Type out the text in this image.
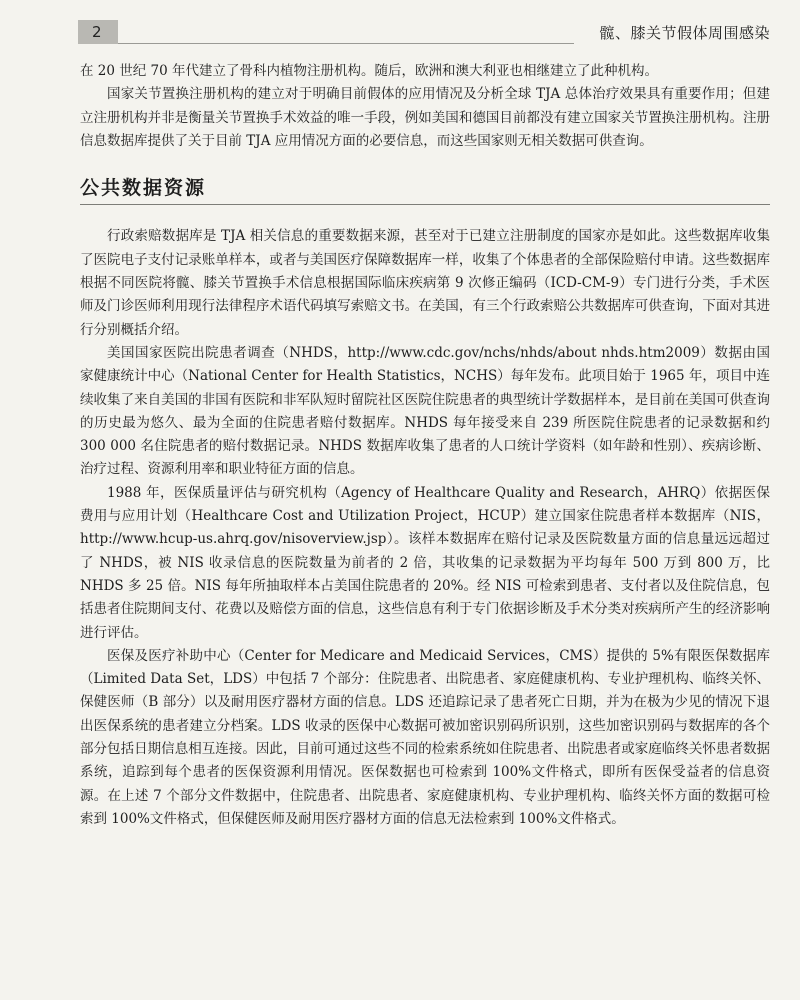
2	髋、膝关节假体周围感染

在 20 世纪 70 年代建立了骨科内植物注册机构。随后，欧洲和澳大利亚也相继建立了此种机构。

国家关节置换注册机构的建立对于明确目前假体的应用情况及分析全球 TJA 总体治疗效果具有重要作用；但建立注册机构并非是衡量关节置换手术效益的唯一手段，例如美国和德国目前都没有建立国家关节置换注册机构。注册信息数据库提供了关于目前 TJA 应用情况方面的必要信息，而这些国家则无相关数据可供查询。

公共数据资源

行政索赔数据库是 TJA 相关信息的重要数据来源，甚至对于已建立注册制度的国家亦是如此。这些数据库收集了医院电子支付记录账单样本，或者与美国医疗保障数据库一样，收集了个体患者的全部保险赔付申请。这些数据库根据不同医院将髋、膝关节置换手术信息根据国际临床疾病第 9 次修正编码（ICD-CM-9）专门进行分类，手术医师及门诊医师利用现行法律程序术语代码填写索赔文书。在美国，有三个行政索赔公共数据库可供查询，下面对其进行分别概括介绍。

美国国家医院出院患者调查（NHDS，http://www.cdc.gov/nchs/nhds/about nhds.htm2009）数据由国家健康统计中心（National Center for Health Statistics，NCHS）每年发布。此项目始于 1965 年，项目中连续收集了来自美国的非国有医院和非军队短时留院社区医院住院患者的典型统计学数据样本，是目前在美国可供查询的历史最为悠久、最为全面的住院患者赔付数据库。NHDS 每年接受来自 239 所医院住院患者的记录数据和约 300 000 名住院患者的赔付数据记录。NHDS 数据库收集了患者的人口统计学资料（如年龄和性别）、疾病诊断、治疗过程、资源利用率和职业特征方面的信息。

1988 年，医保质量评估与研究机构（Agency of Healthcare Quality and Research，AHRQ）依据医保费用与应用计划（Healthcare Cost and Utilization Project，HCUP）建立国家住院患者样本数据库（NIS，http://www.hcup-us.ahrq.gov/nisoverview.jsp）。该样本数据库在赔付记录及医院数量方面的信息量远远超过了 NHDS，被 NIS 收录信息的医院数量为前者的 2 倍，其收集的记录数据为平均每年 500 万到 800 万，比 NHDS 多 25 倍。NIS 每年所抽取样本占美国住院患者的 20%。经 NIS 可检索到患者、支付者以及住院信息，包括患者住院期间支付、花费以及赔偿方面的信息，这些信息有利于专门依据诊断及手术分类对疾病所产生的经济影响进行评估。

医保及医疗补助中心（Center for Medicare and Medicaid Services，CMS）提供的 5%有限医保数据库（Limited Data Set，LDS）中包括 7 个部分：住院患者、出院患者、家庭健康机构、专业护理机构、临终关怀、保健医师（B 部分）以及耐用医疗器材方面的信息。LDS 还追踪记录了患者死亡日期，并为在极为少见的情况下退出医保系统的患者建立分档案。LDS 收录的医保中心数据可被加密识别码所识别，这些加密识别码与数据库的各个部分包括日期信息相互连接。因此，目前可通过这些不同的检索系统如住院患者、出院患者或家庭临终关怀患者数据系统，追踪到每个患者的医保资源利用情况。医保数据也可检索到 100%文件格式，即所有医保受益者的信息资源。在上述 7 个部分文件数据中，住院患者、出院患者、家庭健康机构、专业护理机构、临终关怀方面的数据可检索到 100%文件格式，但保健医师及耐用医疗器材方面的信息无法检索到 100%文件格式。
